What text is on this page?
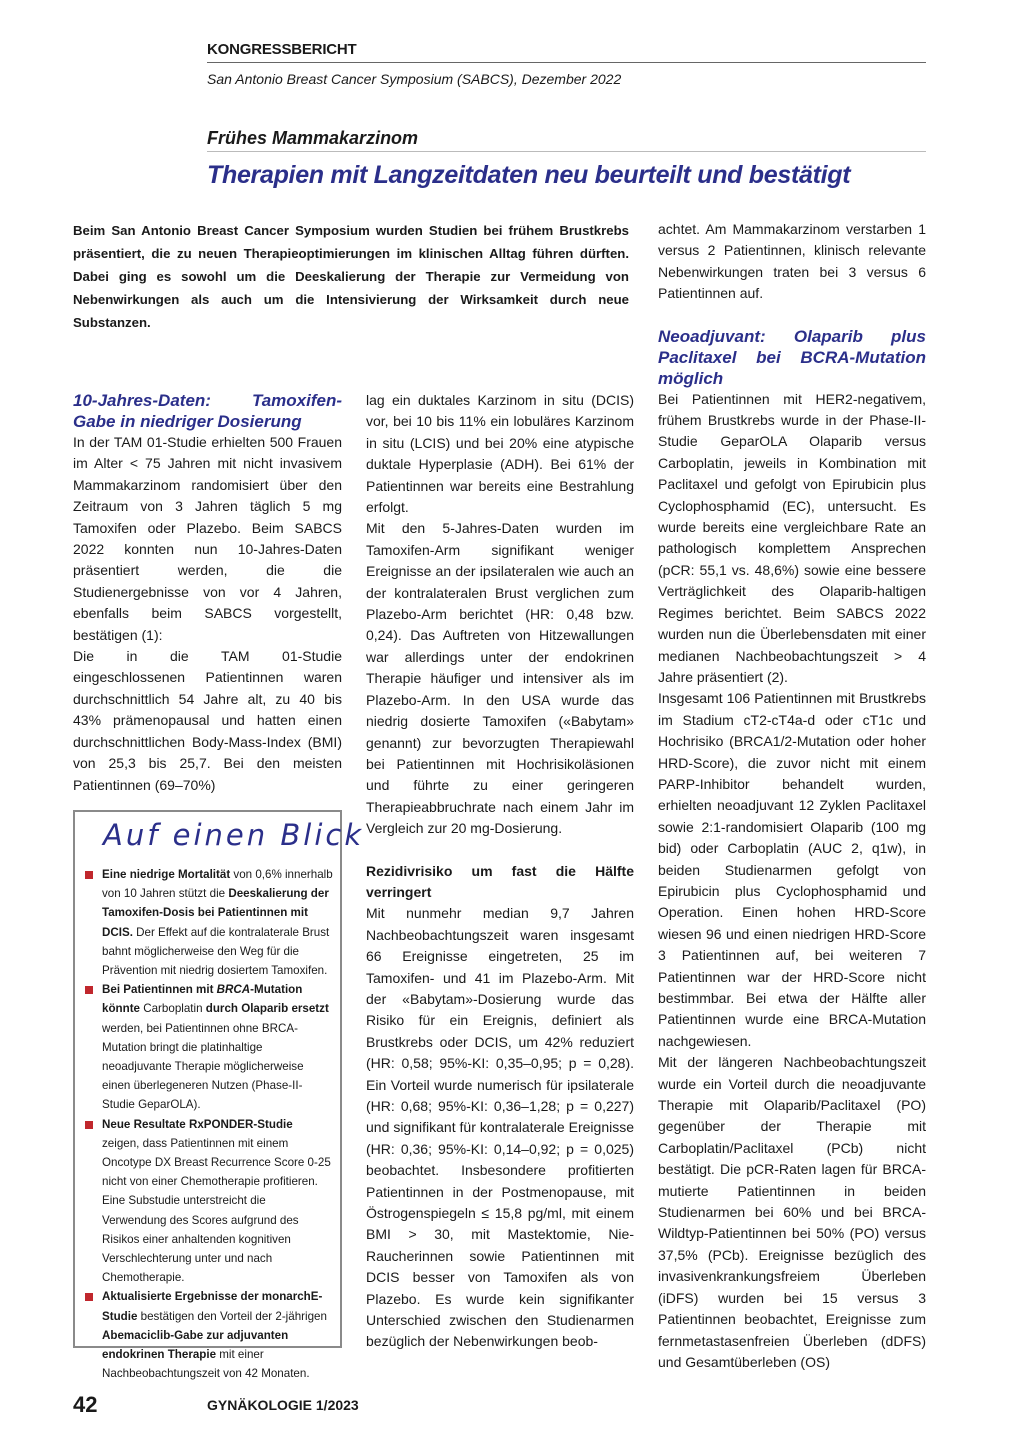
KONGRESSBERICHT
San Antonio Breast Cancer Symposium (SABCS), Dezember 2022
Frühes Mammakarzinom
Therapien mit Langzeitdaten neu beurteilt und bestätigt
Beim San Antonio Breast Cancer Symposium wurden Studien bei frühem Brustkrebs präsentiert, die zu neuen Therapieoptimierungen im klinischen Alltag führen dürften. Dabei ging es sowohl um die Deeskalierung der Therapie zur Vermeidung von Nebenwirkungen als auch um die Intensivierung der Wirksamkeit durch neue Substanzen.

10-Jahres-Daten: Tamoxifen-Gabe in niedriger Dosierung

In der TAM 01-Studie erhielten 500 Frauen im Alter < 75 Jahren mit nicht invasivem Mammakarzinom randomisiert über den Zeitraum von 3 Jahren täglich 5 mg Tamoxifen oder Plazebo. Beim SABCS 2022 konnten nun 10-Jahres-Daten präsentiert werden, die die Studienergebnisse von vor 4 Jahren, ebenfalls beim SABCS vorgestellt, bestätigen (1):

Die in die TAM 01-Studie eingeschlossenen Patientinnen waren durchschnittlich 54 Jahre alt, zu 40 bis 43% prämenopausal und hatten einen durchschnittlichen Body-Mass-Index (BMI) von 25,3 bis 25,7. Bei den meisten Patientinnen (69–70%)

Auf einen Blick

Eine niedrige Mortalität von 0,6% innerhalb von 10 Jahren stützt die Deeskalierung der Tamoxifen-Dosis bei Patientinnen mit DCIS. Der Effekt auf die kontralaterale Brust bahnt möglicherweise den Weg für die Prävention mit niedrig dosiertem Tamoxifen.

Bei Patientinnen mit BRCA-Mutation könnte Carboplatin durch Olaparib ersetzt werden, bei Patientinnen ohne BRCA-Mutation bringt die platinhaltige neoadjuvante Therapie möglicherweise einen überlegeneren Nutzen (Phase-II-Studie GeparOLA).

Neue Resultate RxPONDER-Studie zeigen, dass Patientinnen mit einem Oncotype DX Breast Recurrence Score 0-25 nicht von einer Chemotherapie profitieren. Eine Substudie unterstreicht die Verwendung des Scores aufgrund des Risikos einer anhaltenden kognitiven Verschlechterung unter und nach Chemotherapie.

Aktualisierte Ergebnisse der monarchE-Studie bestätigen den Vorteil der 2-jährigen Abemaciclib-Gabe zur adjuvanten endokrinen Therapie mit einer Nachbeobachtungszeit von 42 Monaten.

lag ein duktales Karzinom in situ (DCIS) vor, bei 10 bis 11% ein lobuläres Karzinom in situ (LCIS) und bei 20% eine atypische duktale Hyperplasie (ADH). Bei 61% der Patientinnen war bereits eine Bestrahlung erfolgt.

Mit den 5-Jahres-Daten wurden im Tamoxifen-Arm signifikant weniger Ereignisse an der ipsilateralen wie auch an der kontralateralen Brust verglichen zum Plazebo-Arm berichtet (HR: 0,48 bzw. 0,24). Das Auftreten von Hitzewallungen war allerdings unter der endokrinen Therapie häufiger und intensiver als im Plazebo-Arm. In den USA wurde das niedrig dosierte Tamoxifen («Babytam» genannt) zur bevorzugten Therapiewahl bei Patientinnen mit Hochrisikoläsionen und führte zu einer geringeren Therapieabbruchrate nach einem Jahr im Vergleich zur 20 mg-Dosierung.

Rezidivrisiko um fast die Hälfte verringert

Mit nunmehr median 9,7 Jahren Nachbeobachtungszeit waren insgesamt 66 Ereignisse eingetreten, 25 im Tamoxifen- und 41 im Plazebo-Arm. Mit der «Babytam»-Dosierung wurde das Risiko für ein Ereignis, definiert als Brustkrebs oder DCIS, um 42% reduziert (HR: 0,58; 95%-KI: 0,35–0,95; p = 0,28). Ein Vorteil wurde numerisch für ipsilaterale (HR: 0,68; 95%-KI: 0,36–1,28; p = 0,227) und signifikant für kontralaterale Ereignisse (HR: 0,36; 95%-KI: 0,14–0,92; p = 0,025) beobachtet. Insbesondere profitierten Patientinnen in der Postmenopause, mit Östrogenspiegeln ≤ 15,8 pg/ml, mit einem BMI > 30, mit Mastektomie, Nie-Raucherinnen sowie Patientinnen mit DCIS besser von Tamoxifen als von Plazebo. Es wurde kein signifikanter Unterschied zwischen den Studienarmen bezüglich der Nebenwirkungen beob-

achtet. Am Mammakarzinom verstarben 1 versus 2 Patientinnen, klinisch relevante Nebenwirkungen traten bei 3 versus 6 Patientinnen auf.

Neoadjuvant: Olaparib plus Paclitaxel bei BCRA-Mutation möglich

Bei Patientinnen mit HER2-negativem, frühem Brustkrebs wurde in der Phase-II-Studie GeparOLA Olaparib versus Carboplatin, jeweils in Kombination mit Paclitaxel und gefolgt von Epirubicin plus Cyclophosphamid (EC), untersucht. Es wurde bereits eine vergleichbare Rate an pathologisch komplettem Ansprechen (pCR: 55,1 vs. 48,6%) sowie eine bessere Verträglichkeit des Olaparib-haltigen Regimes berichtet. Beim SABCS 2022 wurden nun die Überlebensdaten mit einer medianen Nachbeobachtungszeit > 4 Jahre präsentiert (2).

Insgesamt 106 Patientinnen mit Brustkrebs im Stadium cT2-cT4a-d oder cT1c und Hochrisiko (BRCA1/2-Mutation oder hoher HRD-Score), die zuvor nicht mit einem PARP-Inhibitor behandelt wurden, erhielten neoadjuvant 12 Zyklen Paclitaxel sowie 2:1-randomisiert Olaparib (100 mg bid) oder Carboplatin (AUC 2, q1w), in beiden Studienarmen gefolgt von Epirubicin plus Cyclophosphamid und Operation. Einen hohen HRD-Score wiesen 96 und einen niedrigen HRD-Score 3 Patientinnen auf, bei weiteren 7 Patientinnen war der HRD-Score nicht bestimmbar. Bei etwa der Hälfte aller Patientinnen wurde eine BRCA-Mutation nachgewiesen.

Mit der längeren Nachbeobachtungszeit wurde ein Vorteil durch die neoadjuvante Therapie mit Olaparib/Paclitaxel (PO) gegenüber der Therapie mit Carboplatin/Paclitaxel (PCb) nicht bestätigt. Die pCR-Raten lagen für BRCA-mutierte Patientinnen in beiden Studienarmen bei 60% und bei BRCA-Wildtyp-Patientinnen bei 50% (PO) versus 37,5% (PCb). Ereignisse bezüglich des invasivenkrankungsfreiem Überleben (iDFS) wurden bei 15 versus 3 Patientinnen beobachtet, Ereignisse zum fernmetastasenfreien Überleben (dDFS) und Gesamtüberleben (OS)

42	GYNÄKOLOGIE 1/2023
